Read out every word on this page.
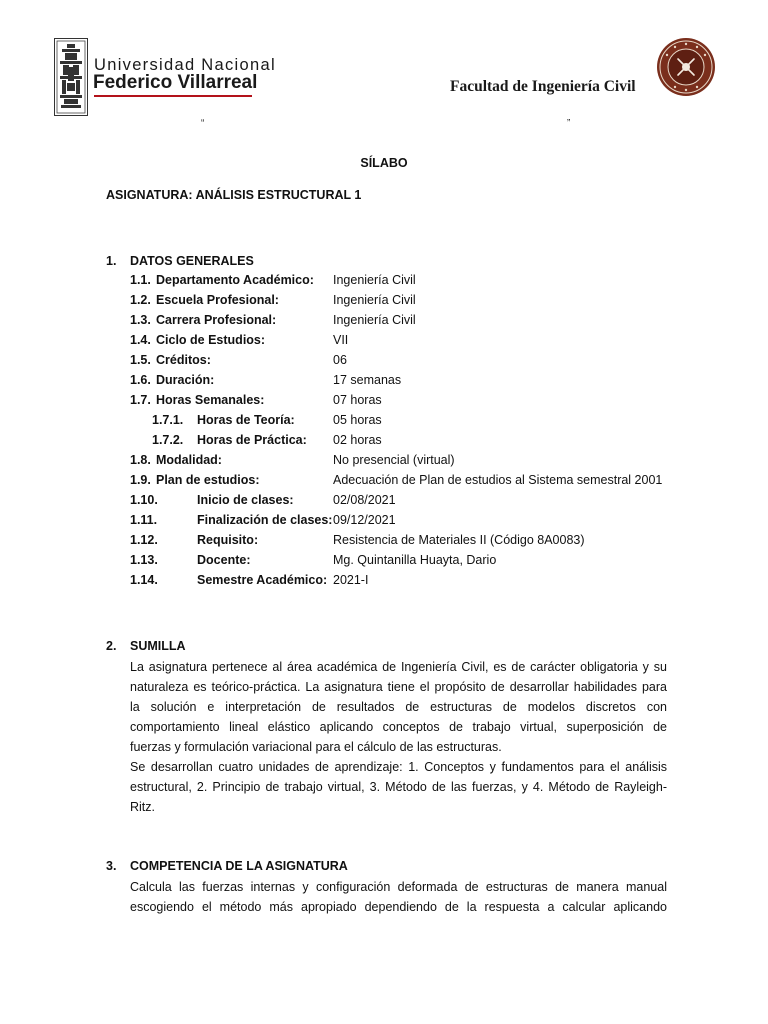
Universidad Nacional
Federico Villarreal	Facultad de Ingeniería Civil
“	”
SÍLABO
ASIGNATURA: ANÁLISIS ESTRUCTURAL 1
1. DATOS GENERALES
1.1. Departamento Académico: Ingeniería Civil
1.2. Escuela Profesional:	Ingeniería Civil
1.3. Carrera Profesional:	Ingeniería Civil
1.4. Ciclo de Estudios:	VII
1.5. Créditos:	06
1.6. Duración:	17 semanas
1.7. Horas Semanales:	07 horas
1.7.1. Horas de Teoría:	05 horas
1.7.2. Horas de Práctica: 02 horas
1.8. Modalidad:	No presencial (virtual)
1.9. Plan de estudios:	Adecuación de Plan de estudios al Sistema semestral 2001
1.10.	Inicio de clases:	02/08/2021
1.11.	Finalización de clases: 09/12/2021
1.12.	Requisito:	Resistencia de Materiales II (Código 8A0083)
1.13.	Docente:	Mg. Quintanilla Huayta, Dario
1.14.	Semestre Académico: 2021-I
2. SUMILLA
La asignatura pertenece al área académica de Ingeniería Civil, es de carácter obligatoria y su
naturaleza es teórico-práctica. La asignatura tiene el propósito de desarrollar habilidades para
la solución e interpretación de resultados de estructuras de modelos discretos con
comportamiento lineal elástico aplicando conceptos de trabajo virtual, superposición de
fuerzas y formulación variacional para el cálculo de las estructuras.
Se desarrollan cuatro unidades de aprendizaje: 1. Conceptos y fundamentos para el análisis
estructural, 2. Principio de trabajo virtual, 3. Método de las fuerzas, y 4. Método de Rayleigh-
Ritz.
3. COMPETENCIA DE LA ASIGNATURA
Calcula las fuerzas internas y configuración deformada de estructuras de manera manual
escogiendo el método más apropiado dependiendo de la respuesta a calcular aplicando
